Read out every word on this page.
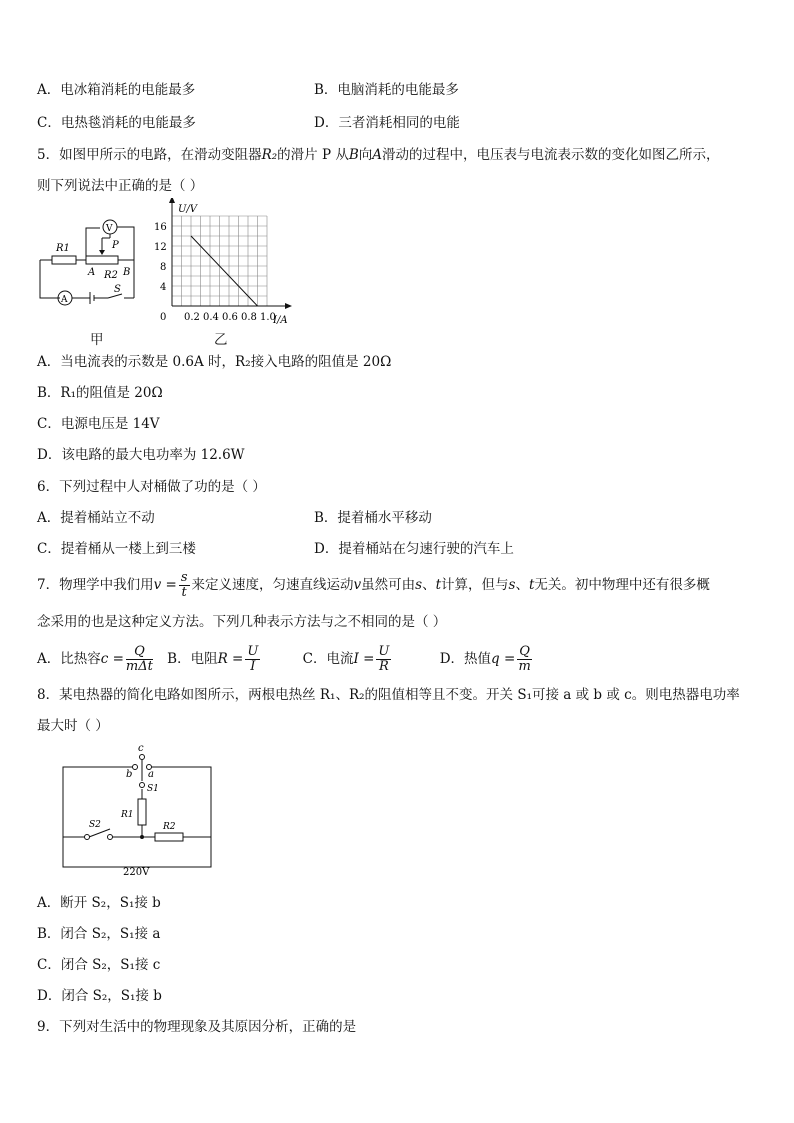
A．电冰箱消耗的电能最多	B．电脑消耗的电能最多
C．电热毯消耗的电能最多	D．三者消耗相同的电能
5．如图甲所示的电路，在滑动变阻器R₂的滑片 P 从B向A滑动的过程中，电压表与电流表示数的变化如图乙所示，
则下列说法中正确的是（ ）
R1	P
A R2 B
V
A
S
甲
U/V
I/A
0 0.2 0.4 0.6 0.8 1.0
4
8
12
16
乙
A．当电流表的示数是 0.6A 时，R₂接入电路的阻值是 20Ω
B．R₁的阻值是 20Ω
C．电源电压是 14V
D．该电路的最大电功率为 12.6W
6．下列过程中人对桶做了功的是（ ）
A．提着桶站立不动	B．提着桶水平移动
C．提着桶从一楼上到三楼	D．提着桶站在匀速行驶的汽车上
7．物理学中我们用$v = \frac{s}{t}$ 来定义速度，匀速直线运动v虽然可由s、t计算，但与s、t无关。初中物理中还有很多概
念采用的也是这种定义方法。下列几种表示方法与之不相同的是（ ）
A．比热容$c = \frac{Q}{\text{mΔt}}$ B．电阻$R = \frac{U}{I}$	C．电流$I = \frac{U}{R}$	D．热值$q = \frac{Q}{m}$
8．某电热器的简化电路如图所示，两根电热丝 R₁、R₂的阻值相等且不变。开关 S₁可接 a 或 b 或 c。则电热器电功率
最大时（ ）
c
b a
S1
R1
S2	R2
220V
A．断开 S₂，S₁接 b
B．闭合 S₂，S₁接 a
C．闭合 S₂，S₁接 c
D．闭合 S₂，S₁接 b
9．下列对生活中的物理现象及其原因分析，正确的是
